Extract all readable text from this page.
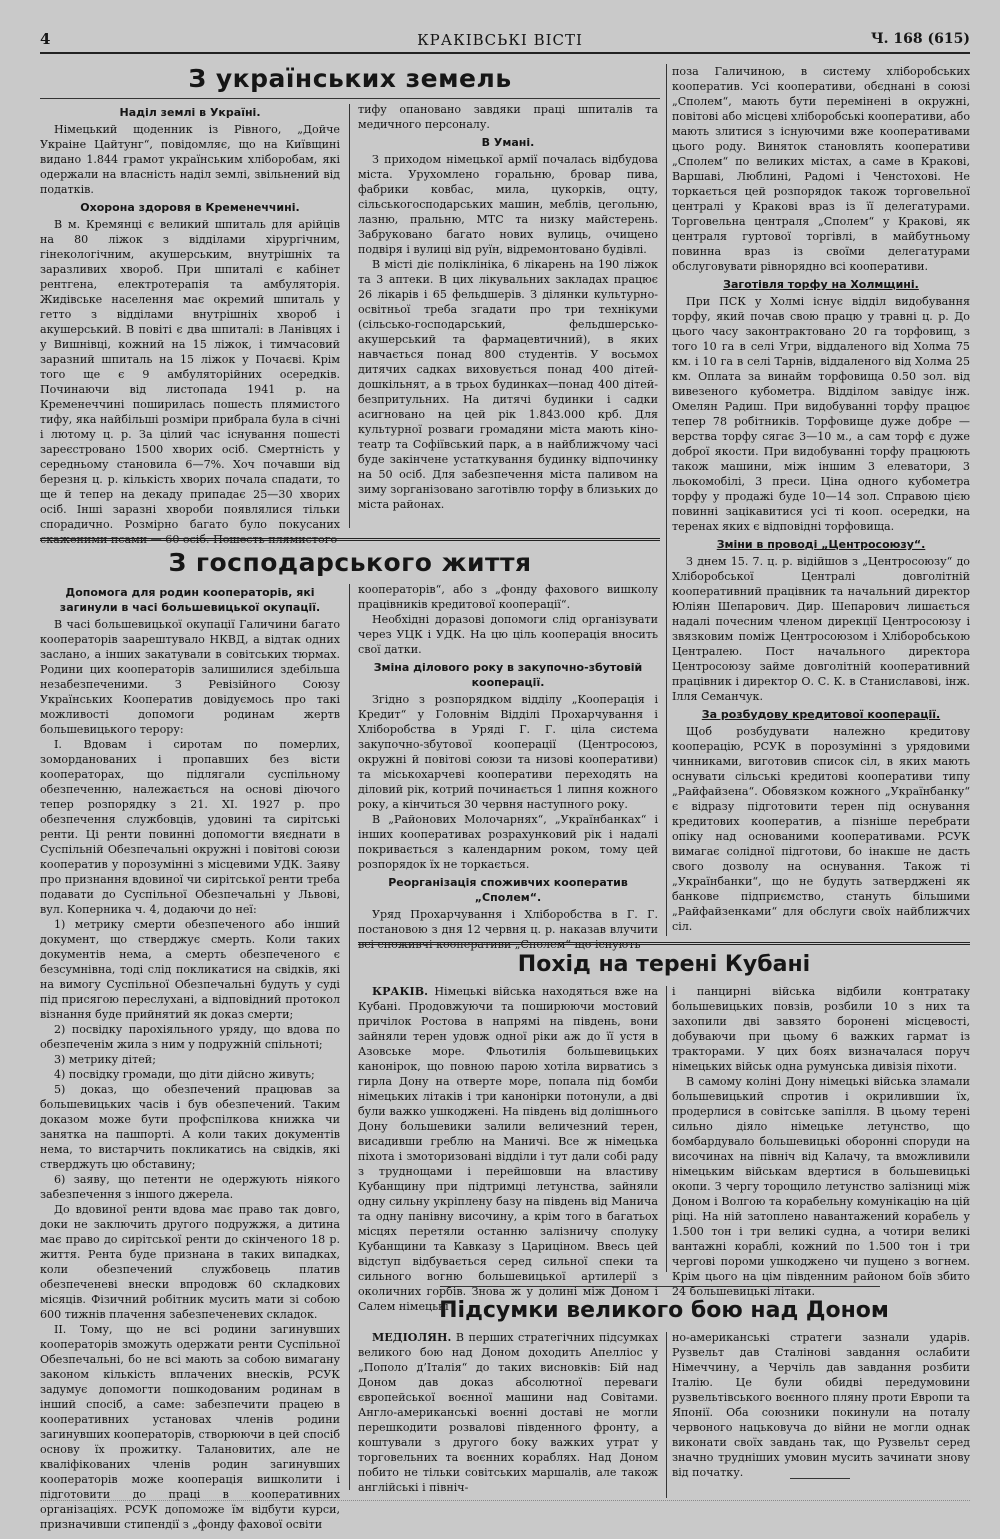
4	КРАКІВСЬКІ ВІСТІ	Ч. 168 (615)
З українських земель

Наділ землі в Україні.

Німецький щоденник із Рівного, „Дойче Украіне Цайтунг“, повідомляє, що на Київщині видано 1.844 грамот українським хліборобам, які одержали на власність наділ землі, звільнений від податків.

Охорона здоровя в Кременеччині.

В м. Кремянці є великий шпиталь для арійців на 80 ліжок з відділами хірургічним, гінекологічним, акушерським, внутрішніх та заразливих хвороб. При шпиталі є кабінет рентгена, електротерапія та амбуляторія. Жидівське населення має окремий шпиталь у гетто з відділами внутрішніх хвороб і акушерський. В повіті є два шпиталі: в Ланівцях і у Вишнівці, кожний на 15 ліжок, і тимчасовий заразний шпиталь на 15 ліжок у Почаєві. Крім того ще є 9 амбуляторійних осередків. Починаючи від листопада 1941 р. на Кременеччині поширилась пошесть плямистого тифу, яка найбільші розміри прибрала була в січні і лютому ц. р. За цілий час існування пошесті зареєстровано 1500 хворих осіб. Смертність у середньому становила 6—7%. Хоч почавши від березня ц. р. кількість хворих почала спадати, то ще й тепер на декаду припадає 25—30 хворих осіб. Інші заразні хвороби появлялися тільки спорадично. Розмірно багато було покусаних скаженими псами — 60 осіб. Пошесть плямистого

тифу опановано завдяки праці шпиталів та медичного персоналу.

В Умані.

З приходом німецької армії почалась відбудова міста. Урухомлено горальню, бровар пива, фабрики ковбас, мила, цукорків, оцту, сільськогосподарських машин, меблів, цегольню, лазню, пральню, МТС та низку майстерень. Забруковано багато нових вулиць, очищено подвіря і вулиці від руїн, відремонтовано будівлі.

В місті діє поліклініка, 6 лікарень на 190 ліжок та 3 аптеки. В цих лікувальних закладах працює 26 лікарів і 65 фельдшерів. З ділянки культурно-освітньої треба згадати про три технікуми (сільсько-господарський, фельдшерсько-акушерський та фармацевтичний), в яких навчається понад 800 студентів. У восьмох дитячих садках виховується понад 400 дітей-дошкільнят, а в трьох будинках—понад 400 дітей-безпритульних. На дитячі будинки і садки асигновано на цей рік 1.843.000 крб. Для культурної розваги громадяни міста мають кіно-театр та Софіївський парк, а в найближчому часі буде закінчене устаткування будинку відпочинку на 50 осіб. Для забезпечення міста паливом на зиму зорганізовано заготівлю торфу в близьких до міста районах.

поза Галичиною, в систему хліборобських кооператив. Усі кооперативи, обєднані в союзі „Сполем“, мають бути перемінені в окружні, повітові або місцеві хліборобські кооперативи, або мають злитися з існуючими вже кооперативами цього роду. Виняток становлять кооперативи „Сполем“ по великих містах, а саме в Кракові, Варшаві, Люблині, Радомі і Ченстохові. Не торкається цей розпорядок також торговельної централі у Кракові враз із її делегатурами. Торговельна централя „Сполем“ у Кракові, як централя гуртової торгівлі, в майбутньому повинна враз із своїми делегатурами обслуговувати рівнорядно всі кооперативи.

Заготівля торфу на Холмщині.

При ПСК у Холмі існує відділ видобування торфу, який почав свою працю у травні ц. р. До цього часу законтрактовано 20 га торфовищ, з того 10 га в селі Угри, віддаленого від Холма 75 км. і 10 га в селі Тарнів, віддаленого від Холма 25 км. Оплата за винайм торфовища 0.50 зол. від вивезеного кубометра. Відділом завідує інж. Омелян Радиш. При видобуванні торфу працює тепер 78 робітників. Торфовище дуже добре — верства торфу сягає 3—10 м., а сам торф є дуже доброї якости. При видобуванні торфу працюють також машини, між іншим 3 елеватори, 3 льокомобілі, 3 преси. Ціна одного кубометра торфу у продажі буде 10—14 зол. Справою цією повинні зацікавитися усі ті кооп. осередки, на теренах яких є відповідні торфовища.

Зміни в проводі „Центросоюзу“.

З днем 15. 7. ц. р. відійшов з „Центросоюзу“ до Хліборобської Централі довголітній кооперативний працівник та начальний директор Юліян Шепарович. Дир. Шепарович лишається надалі почесним членом дирекції Центросоюзу і звязковим поміж Центросоюзом і Хліборобською Централею. Пост начального директора Центросоюзу займе довголітній кооперативний працівник і директор О. С. К. в Станиславові, інж. Ілля Семанчук.

За розбудову кредитової кооперації.

Щоб розбудувати належно кредитову кооперацію, РСУК в порозумінні з урядовими чинниками, виготовив список сіл, в яких мають оснувати сільські кредитові кооперативи типу „Райфайзена“. Обовязком кожного „Українбанку“ є відразу підготовити терен під оснування кредитових кооператив, а пізніше перебрати опіку над основаними кооперативами. РСУК вимагає солідної підготови, бо інакше не дасть свого дозволу на оснування. Також ті „Українбанки“, що не будуть затверджені як банкове підприємство, стануть більшими „Райфайзенками“ для обслуги своїх найближчих сіл.

З господарського життя

Допомога для родин кооператорів, які загинули в часі большевицької окупації.

В часі большевицької окупації Галичини багато кооператорів заарештувало НКВД, а відтак одних заслано, а інших закатували в совітських тюрмах. Родини цих кооператорів залишилися здебільша незабезпеченими. З Ревізійного Союзу Українських Кооператив довідуємось про такі можливості допомоги родинам жертв большевицького терору:

І. Вдовам і сиротам по померлих, зоморданованих і пропавших без вісти кооператорах, що підлягали суспільному обезпеченню, належається на основі діючого тепер розпорядку з 21. XI. 1927 р. про обезпечення службовців, удовині та сирітські ренти. Ці ренти повинні допомогти вяєднати в Суспільній Обезпечальні окружні і повітові союзи кооператив у порозумінні з місцевими УДК. Заяву про признання вдовиної чи сирітської ренти треба подавати до Суспільної Обезпечальні у Львові, вул. Коперника ч. 4, додаючи до неї:

1) метрику смерти обезпеченого або інший документ, що стверджує смерть. Коли таких документів нема, а смерть обезпеченого є безсумнівна, тоді слід покликатися на свідків, які на вимогу Суспільної Обезпечальні будуть у суді під присягою переслухані, а відповідний протокол візнання буде прийнятий як доказ смерти;

2) посвідку парохіяльного уряду, що вдова по обезпеченім жила з ним у подружній спільноті;

3) метрику дітей;

4) посвідку громади, що діти дійсно живуть;

5) доказ, що обезпечений працював за большевицьких часів і був обезпечений. Таким доказом може бути профспілкова книжка чи занятка на пашпорті. А коли таких документів нема, то вистарчить покликатись на свідків, які стверджуть цю обставину;

6) заяву, що петенти не одержують ніякого забезпечення з іншого джерела.

До вдовиної ренти вдова має право так довго, доки не заключить другого подружжя, а дитина має право до сирітської ренти до скінченого 18 р. життя. Рента буде признана в таких випадках, коли обезпечений службовець платив обезпеченеві внески впродовж 60 складкових місяців. Фізичний робітник мусить мати зі собою 600 тижнів плачення забезпеченевих складок.

ІІ. Тому, що не всі родини загинувших кооператорів зможуть одержати ренти Суспільної Обезпечальні, бо не всі мають за собою вимагану законом кількість вплачених внесків, РСУК задумує допомогти пошкодованим родинам в інший спосіб, а саме: забезпечити працею в кооперативних установах членів родини загинувших кооператорів, створюючи в цей спосіб основу їх прожитку. Талановитих, але не кваліфікованих членів родин загинувших кооператорів може кооперація вишколити і підготовити до праці в кооперативних організаціях. РСУК допоможе їм відбути курси, призначивши стипендії з „фонду фахової освіти

кооператорів“, або з „фонду фахового вишколу працівників кредитової кооперації“.

Необхідні доразові допомоги слід організувати через УЦК і УДК. На цю ціль кооперація вносить свої датки.

Зміна ділового року в закупочно-збутовій кооперації.

Згідно з розпорядком відділу „Кооперація і Кредит“ у Головнім Відділі Прохарчування і Хліборобства в Уряді Г. Г. ціла система закупочно-збутової кооперації (Центросоюз, окружні й повітові союзи та низові кооперативи) та міськохарчеві кооперативи переходять на діловий рік, котрий починається 1 липня кожного року, а кінчиться 30 червня наступного року.

В „Районових Молочарнях“, „Українбанках“ і інших кооперативах розрахунковий рік і надалі покривається з календарним роком, тому цей розпорядок їх не торкається.

Реорганізація споживчих кооператив „Сполем“.

Уряд Прохарчування і Хліборобства в Г. Г. постановою з дня 12 червня ц. р. наказав влучити всі споживчі кооперативи „Сполем“ що існують

Похід на терені Кубані

КРАКІВ. Німецькі війська находяться вже на Кубані. Продовжуючи та поширюючи мостовий причілок Ростова в напрямі на південь, вони зайняли терен удовж одної ріки аж до її устя в Азовське море. Фльотилія большевицьких канонірок, що повною парою хотіла вирватись з гирла Дону на отверте море, попала під бомби німецьких літаків і три канонірки потонули, а дві були важко ушкоджені. На південь від долішнього Дону большевики залили величезний терен, висадивши греблю на Маничі. Все ж німецька піхота і змоторизовані відділи і тут дали собі раду з труднощами і перейшовши на властиву Кубанщину при підтримці летунства, зайняли одну сильну укріплену базу на південь від Манича та одну панівну височину, а крім того в багатьох місцях перетяли останню залізничу сполуку Кубанщини та Кавказу з Цариціном. Ввесь цей відступ відбувається серед сильної спеки та сильного вогню большевицької артилерії з околичних горбів. Знова ж у долині між Доном і Салем німецькі

і панцирні війська відбили контратаку большевицьких повзів, розбили 10 з них та захопили дві завзято боронені місцевості, добуваючи при цьому 6 важких гармат із тракторами. У цих боях визначалася поруч німецьких військ одна румунська дивізія піхоти.

В самому коліні Дону німецькі війська зламали большевицький спротив і окрилившии їх, продерлися в совітське запілля. В цьому терені сильно діяло німецьке летунство, що бомбардувало большевицькі оборонні споруди на височинах на північ від Калачу, та вможливили німецьким військам вдертися в большевицькі окопи. З чергу торощило летунство залізниці між Доном і Волгою та корабельну комунікацію на цій ріці. На ній затоплено навантажений корабель у 1.500 тон і три великі судна, а чотири великі вантажні кораблі, кожний по 1.500 тон і три чергові пороми ушкоджено чи пущено з вогнем. Крім цього на цім південним районом боїв збито 24 большевицькі літаки.

Підсумки великого бою над Доном

МЕДІОЛЯН. В перших стратегічних підсумках великого бою над Доном доходить Апелліос у „Пополо д’Італія“ до таких висновків: Бій над Доном дав доказ абсолютної переваги європейської воєнної машини над Совітами. Англо-американські воєнні доставі не могли перешкодити розвалові південного фронту, а коштували з другого боку важких утрат у торговельних та воєнних кораблях. Над Доном побито не тільки совітських маршалів, але також англійські і північ-

но-американські стратеги зазнали ударів. Рузвельт дав Сталінові завдання ослабити Німеччину, а Черчіль дав завдання розбити Італію. Це були обидві передумовини рузвельтівського воєнного пляну проти Европи та Японії. Оба союзники покинули на поталу червоного нацьковуча до війни не могли однак виконати своїх завдань так, що Рузвельт серед значно трудніших умовин мусить зачинати знову від початку.
